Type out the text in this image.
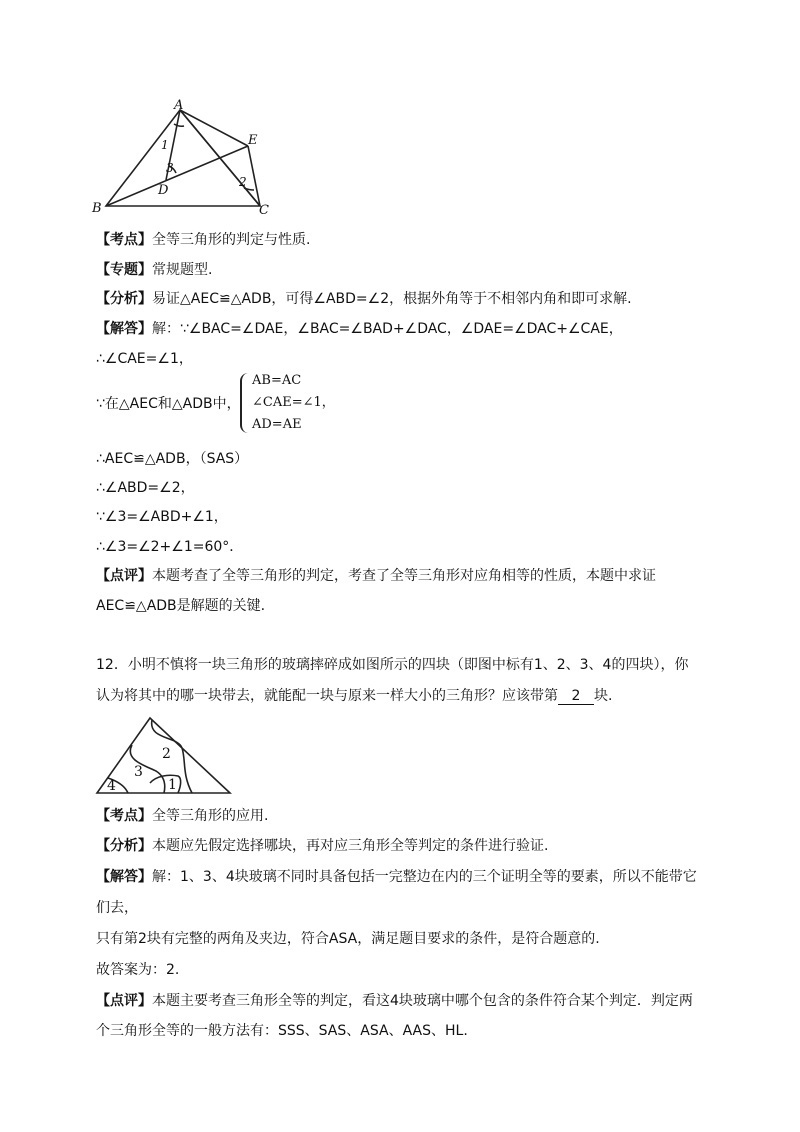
A
B	C
D
E
1
2
3
【考点】全等三角形的判定与性质.
【专题】常规题型.
【分析】易证△AEC≌△ADB，可得∠ABD=∠2，根据外角等于不相邻内角和即可求解.
【解答】解：∵∠BAC=∠DAE，∠BAC=∠BAD+∠DAC，∠DAE=∠DAC+∠CAE，
∴∠CAE=∠1，
∵在△AEC和△ADB中，
AB=AC
∠CAE=∠1，
AD=AE
∴AEC≌△ADB，（SAS）
∴∠ABD=∠2，
∵∠3=∠ABD+∠1，
∴∠3=∠2+∠1=60°．
【点评】本题考查了全等三角形的判定，考查了全等三角形对应角相等的性质，本题中求证
AEC≌△ADB是解题的关键.
12．小明不慎将一块三角形的玻璃摔碎成如图所示的四块（即图中标有1、2、3、4的四块），你
认为将其中的哪一块带去，就能配一块与原来一样大小的三角形？应该带第 2 块.
1
2
3
4
【考点】全等三角形的应用.
【分析】本题应先假定选择哪块，再对应三角形全等判定的条件进行验证.
【解答】解：1、3、4块玻璃不同时具备包括一完整边在内的三个证明全等的要素，所以不能带它
们去，
只有第2块有完整的两角及夹边，符合ASA，满足题目要求的条件，是符合题意的.
故答案为：2.
【点评】本题主要考查三角形全等的判定，看这4块玻璃中哪个包含的条件符合某个判定．判定两
个三角形全等的一般方法有：SSS、SAS、ASA、AAS、HL.
